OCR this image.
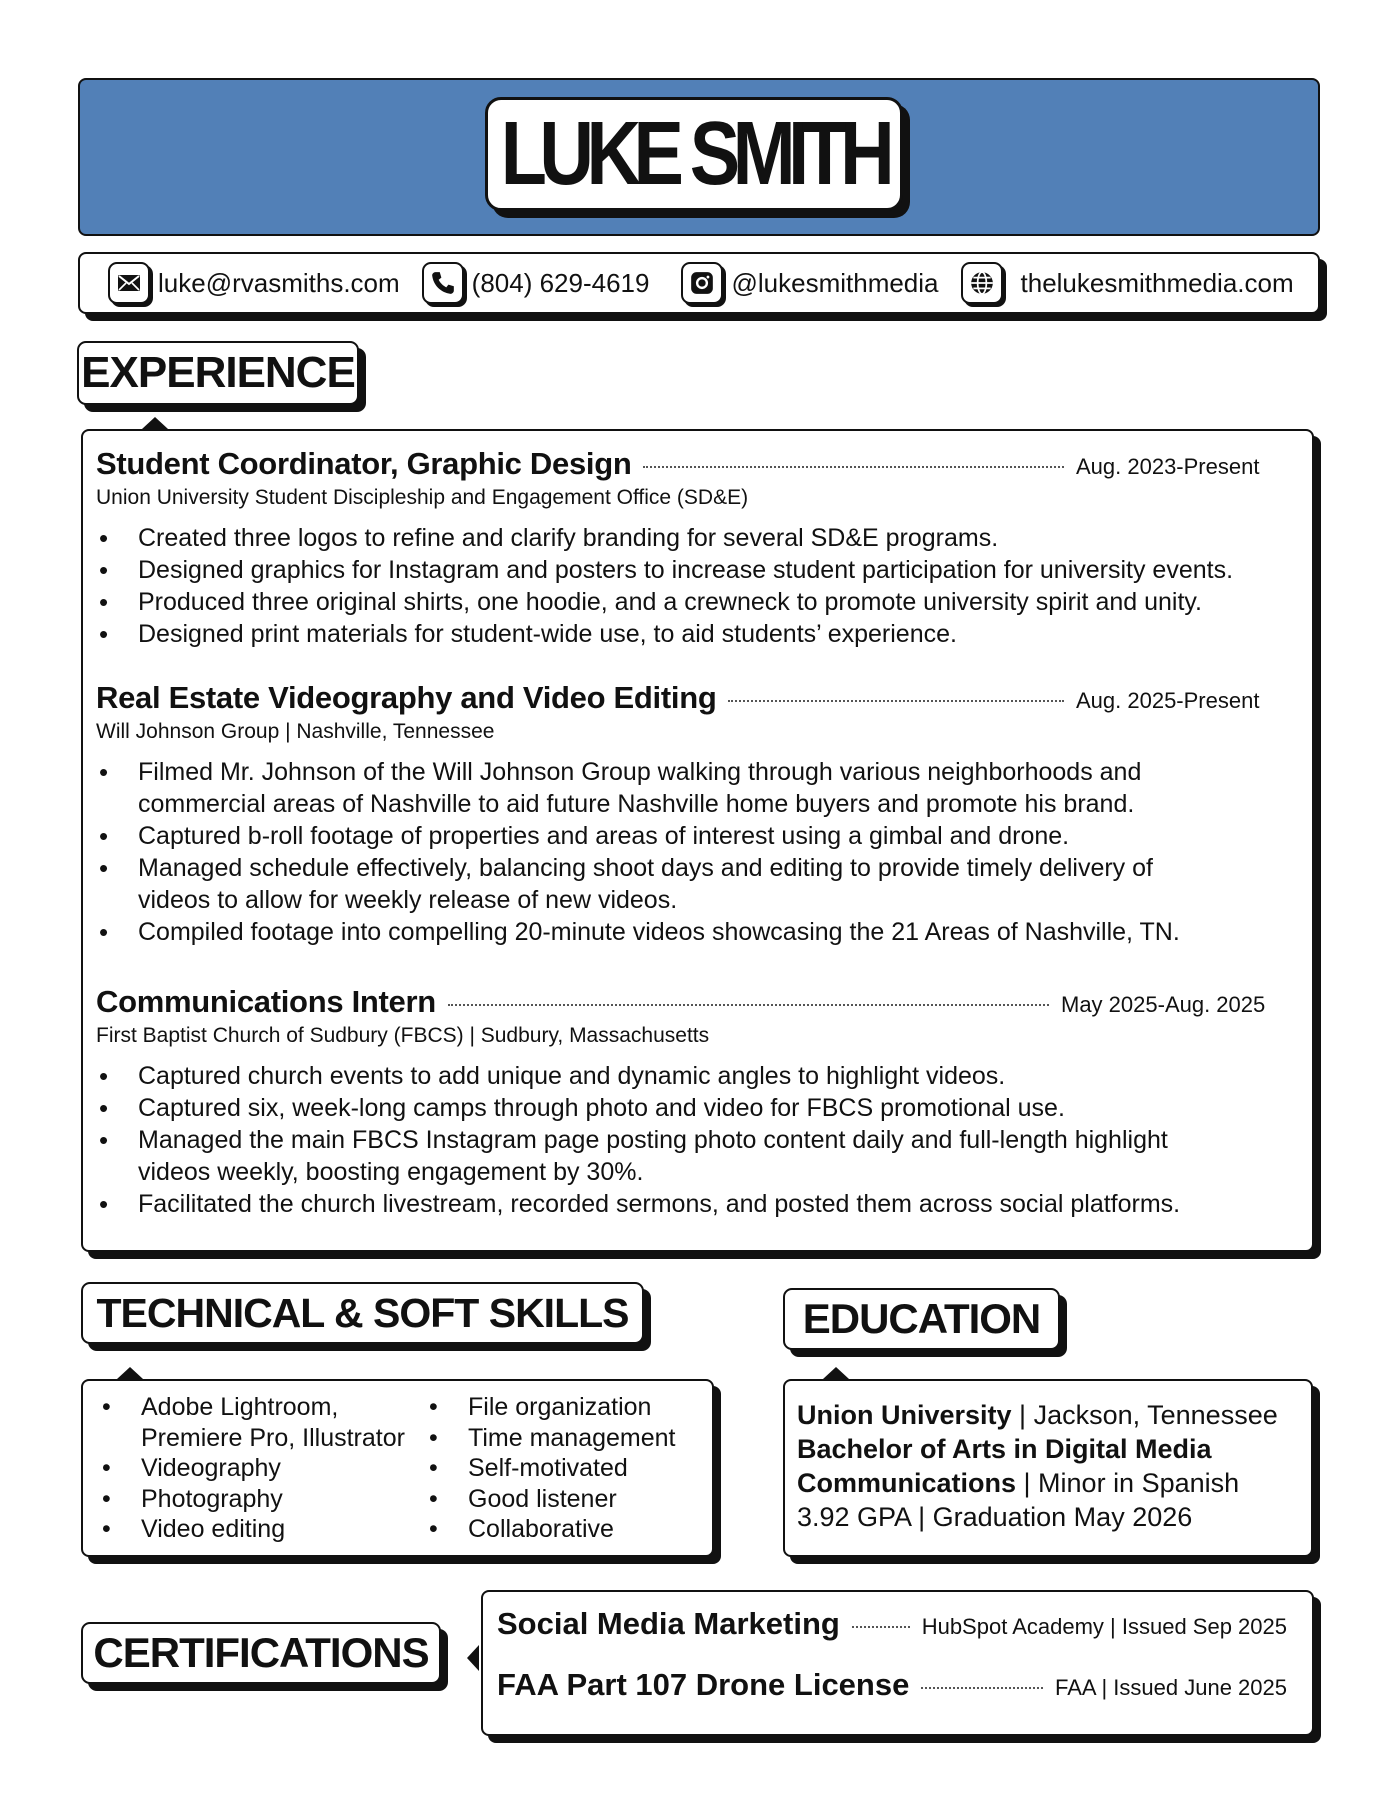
LUKE SMITH
luke@rvasmiths.com	(804) 629-4619	@lukesmithmedia	thelukesmithmedia.com
EXPERIENCE
Student Coordinator, Graphic Design	Aug. 2023-Present
Union University Student Discipleship and Engagement Office (SD&E)
• Created three logos to refine and clarify branding for several SD&E programs.
• Designed graphics for Instagram and posters to increase student participation for university events.
• Produced three original shirts, one hoodie, and a crewneck to promote university spirit and unity.
• Designed print materials for student-wide use, to aid students’ experience.
Real Estate Videography and Video Editing	Aug. 2025-Present
Will Johnson Group | Nashville, Tennessee
• Filmed Mr. Johnson of the Will Johnson Group walking through various neighborhoods and
commercial areas of Nashville to aid future Nashville home buyers and promote his brand.
• Captured b-roll footage of properties and areas of interest using a gimbal and drone.
• Managed schedule effectively, balancing shoot days and editing to provide timely delivery of
videos to allow for weekly release of new videos.
• Compiled footage into compelling 20-minute videos showcasing the 21 Areas of Nashville, TN.
Communications Intern	May 2025-Aug. 2025
First Baptist Church of Sudbury (FBCS) | Sudbury, Massachusetts
• Captured church events to add unique and dynamic angles to highlight videos.
• Captured six, week-long camps through photo and video for FBCS promotional use.
• Managed the main FBCS Instagram page posting photo content daily and full-length highlight
videos weekly, boosting engagement by 30%.
• Facilitated the church livestream, recorded sermons, and posted them across social platforms.
TECHNICAL & SOFT SKILLS
• Adobe Lightroom,
Premiere Pro, Illustrator
• Videography
• Photography
• Video editing
• File organization
• Time management
• Self-motivated
• Good listener
• Collaborative
EDUCATION
Union University | Jackson, Tennessee
Bachelor of Arts in Digital Media
Communications | Minor in Spanish
3.92 GPA | Graduation May 2026
CERTIFICATIONS
Social Media Marketing	HubSpot Academy | Issued Sep 2025
FAA Part 107 Drone License	FAA | Issued June 2025
